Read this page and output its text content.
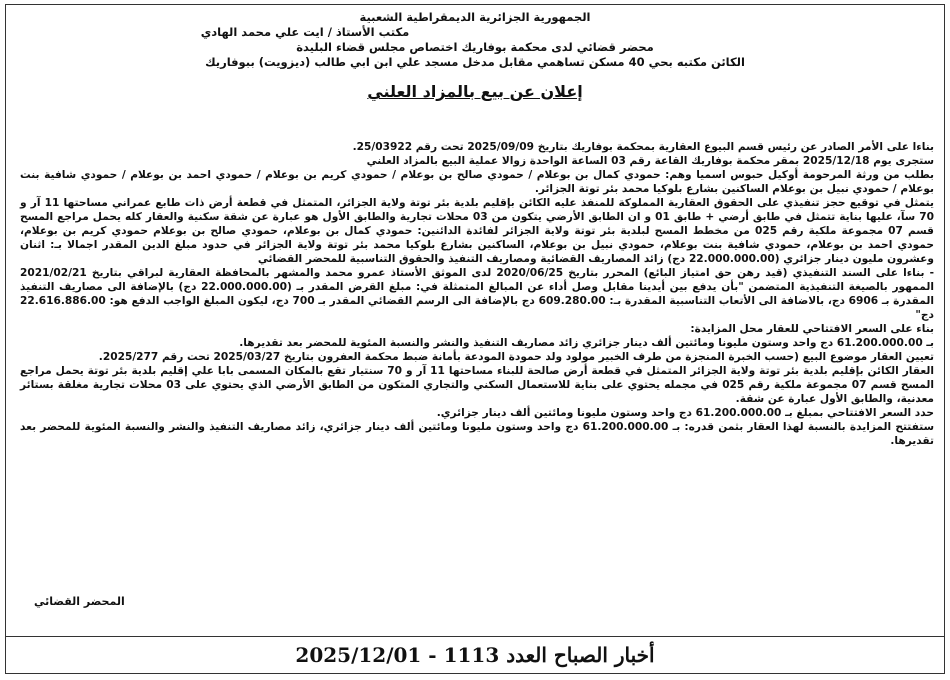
الجمهورية الجزائرية الديمقراطية الشعبية
مكتب الأستاذ / ايت علي محمد الهادي
محضر قضائي لدى محكمة بوفاريك اختصاص مجلس قضاء البليدة
الكائن مكتبه بحي 40 مسكن تساهمي مقابل مدخل مسجد علي ابن ابي طالب (ديزويت) ببوفاريك
إعلان عن بيع بالمزاد العلني

بناءا على الأمر الصادر عن رئيس قسم البيوع العقارية بمحكمة بوفاريك بتاريخ 2025/09/09 تحت رقم 25/03922.

ستجرى يوم 2025/12/18 بمقر محكمة بوفاريك القاعة رقم 03 الساعة الواحدة زوالا عملية البيع بالمزاد العلني

بطلب من ورثة المرحومة أوكيل حبوس اسميا وهم: حمودي كمال بن بوعلام / حمودي صالح بن بوعلام / حمودي كريم بن بوعلام / حمودي احمد بن بوعلام / حمودي شافية بنت بوعلام / حمودي نبيل بن بوعلام الساكنين بشارع بلوكيا محمد بئر توتة الجزائر.

يتمثل في توقيع حجز تنفيذي على الحقوق العقارية المملوكة للمنفذ عليه الكائن بإقليم بلدية بئر توتة ولاية الجزائر، المتمثل في قطعة أرض ذات طابع عمراني مساحتها 11 آر و 70 سآ، عليها بناية تتمثل في طابق أرضي + طابق 01 و ان الطابق الأرضي يتكون من 03 محلات تجارية والطابق الأول هو عبارة عن شقة سكنية والعقار كله يحمل مراجع المسح قسم 07 مجموعة ملكية رقم 025 من مخطط المسح لبلدية بئر توتة ولاية الجزائر لفائدة الدائنين: حمودي كمال بن بوعلام، حمودي صالح بن بوعلام حمودي كريم بن بوعلام، حمودي احمد بن بوعلام، حمودي شافية بنت بوعلام، حمودي نبيل بن بوعلام، الساكنين بشارع بلوكيا محمد بئر توتة ولاية الجزائر في حدود مبلغ الدين المقدر اجمالا بـ: اثنان وعشرون مليون دينار جزائري (22.000.000.00 دج) زائد المصاريف القضائية ومصاريف التنفيذ والحقوق التناسبية للمحضر القضائي

- بناءا على السند التنفيذي (قيد رهن حق امتياز البائع) المحرر بتاريخ 2020/06/25 لدى الموثق الأستاذ عمرو محمد والمشهر بالمحافظة العقارية لبراقي بتاريخ 2021/02/21 الممهور بالصيغة التنفيذية المتضمن "بأن يدفع بين أيدينا مقابل وصل أداء عن المبالغ المتمثلة في: مبلغ القرض المقدر بـ (22.000.000.00 دج) بالإضافة الى مصاريف التنفيذ المقدرة بـ 6906 دج، بالاضافة الى الأتعاب التناسبية المقدرة بـ: 609.280.00 دج بالإضافة الى الرسم القضائي المقدر بـ 700 دج، ليكون المبلغ الواجب الدفع هو: 22.616.886.00 دج"

بناء على السعر الافتتاحي للعقار محل المزايدة:

بـ 61.200.000.00 دج واحد وستون مليونا ومائتين ألف دينار جزائري زائد مصاريف التنفيذ والنشر والنسبة المئوية للمحضر بعد تقديرها.

تعيين العقار موضوع البيع (حسب الخبرة المنجزة من طرف الخبير مولود ولد حمودة المودعة بأمانة ضبط محكمة العفرون بتاريخ 2025/03/27 تحت رقم 2025/277.

العقار الكائن بإقليم بلدية بئر توتة ولاية الجزائر المتمثل في قطعة أرض صالحة للبناء مساحتها 11 آر و 70 سنتيار تقع بالمكان المسمى بابا علي إقليم بلدية بئر توتة يحمل مراجع المسح قسم 07 مجموعة ملكية رقم 025 في مجمله يحتوي على بناية للاستعمال السكني والتجاري المتكون من الطابق الأرضي الذي يحتوي على 03 محلات تجارية مغلقة بستائر معدنية، والطابق الأول عبارة عن شقة.

حدد السعر الافتتاحي بمبلغ بـ 61.200.000.00 دج واحد وستون مليونا ومائتين ألف دينار جزائري.

ستفتتح المزايدة بالنسبة لهذا العقار بثمن قدره: بـ 61.200.000.00 دج واحد وستون مليونا ومائتين ألف دينار جزائري، زائد مصاريف التنفيذ والنشر والنسبة المئوية للمحضر بعد تقديرها.

المحضر القضائي
أخبار الصباح العدد 1113 - 2025/12/01
